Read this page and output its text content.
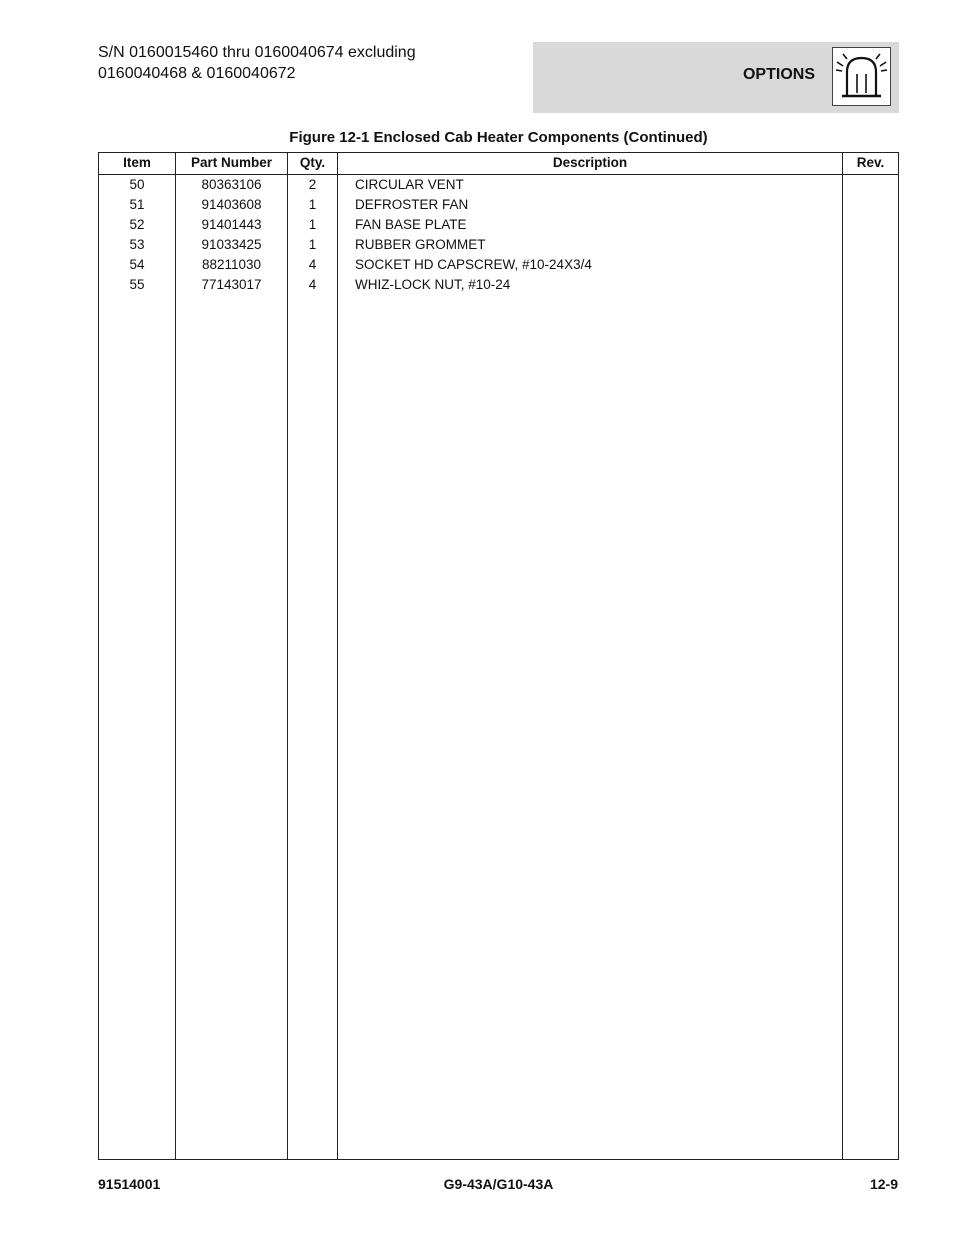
S/N 0160015460 thru 0160040674 excluding
0160040468 & 0160040672	OPTIONS
Figure 12-1 Enclosed Cab Heater Components (Continued)
Item	Part Number	Qty.	Description	Rev.
50	80363106	2	CIRCULAR VENT
51	91403608	1	DEFROSTER FAN
52	91401443	1	FAN BASE PLATE
53	91033425	1	RUBBER GROMMET
54	88211030	4	SOCKET HD CAPSCREW, #10-24X3/4
55	77143017	4	WHIZ-LOCK NUT, #10-24
91514001	G9-43A/G10-43A	12-9
